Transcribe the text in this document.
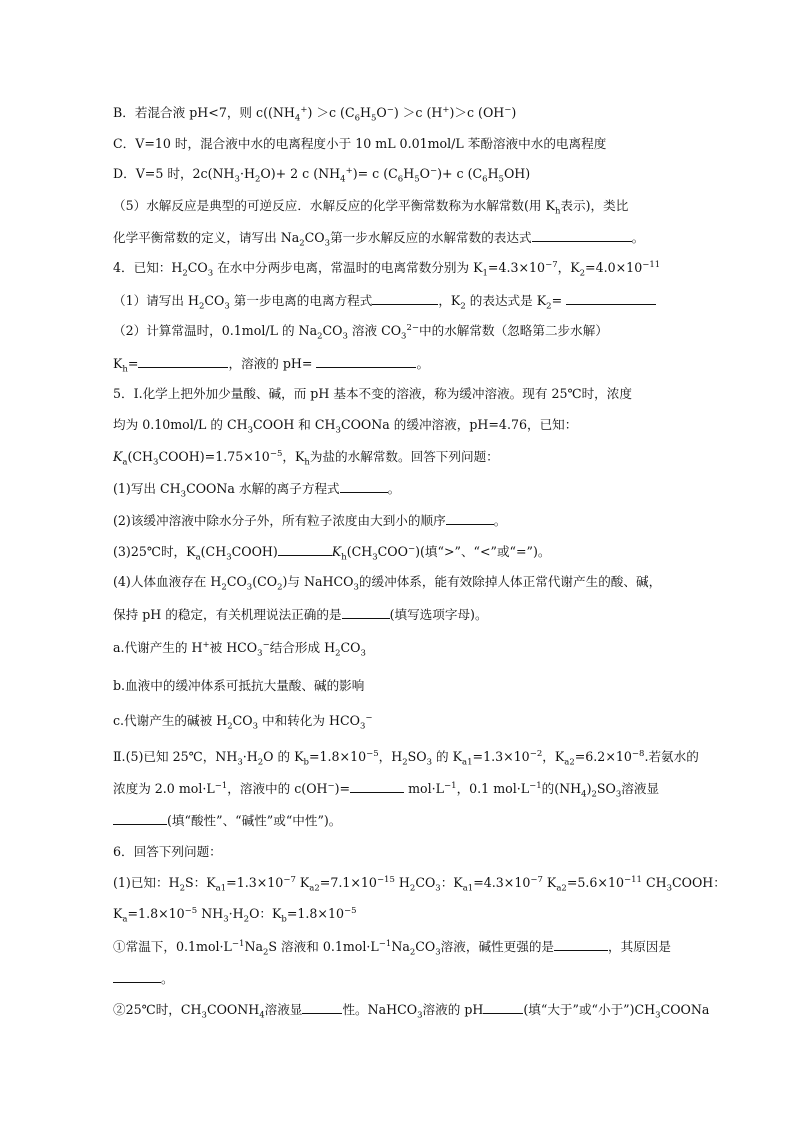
B．若混合液 pH<7，则 $c((NH_4^+) >c$ $(C_6H_5O^-) >c$ (H+)＞c (OH−)
C．V=10 时，混合液中水的电离程度小于 10 mL 0.01mol/L 苯酚溶液中水的电离程度
D．V=5 时，$2c(NH_3\cdot H_2O)+ 2$ c $(NH_4^+)= c$ $(C_6H_5O^-)+ c$ $(C_6H_5OH)$
（5）水解反应是典型的可逆反应．水解反应的化学平衡常数称为水解常数(用 $K_h$表示)，类比
化学平衡常数的定义，请写出 $Na_2CO_3$第一步水解反应的水解常数的表达式	。
4．已知：$H_2CO_3$ 在水中分两步电离，常温时的电离常数分别为 $K_1=4.3\times 10^{-7}$，$K_2=4.0\times 10^{-11}$
（1）请写出 $H_2CO_3$ 第一步电离的电离方程式	，$K_2$ 的表达式是 $K_2=$
（2）计算常温时，0.1mol/L 的 $Na_2CO_3$ 溶液 $CO_3^{2-}$中的水解常数（忽略第二步水解）
$K_h=$	，溶液的 pH=	。
5．Ⅰ.化学上把外加少量酸、碱，而 pH 基本不变的溶液，称为缓冲溶液。现有 25℃时，浓度
均为 0.10mol/L 的 $CH_3COOH$ 和 $CH_3COONa$ 的缓冲溶液，pH=4.76，已知：
$K_a(CH_3COOH)=1.75\times 10^{-5}$，$K_h$为盐的水解常数。回答下列问题：
(1)写出 $CH_3COONa$ 水解的离子方程式	。
(2)该缓冲溶液中除水分子外，所有粒子浓度由大到小的顺序	。
(3)25℃时，$K_a(CH_3COOH)$	$K_h(CH_3COO^-)$(填“>”、“<”或“=”)。
(4)人体血液存在 $H_2CO_3(CO_2)$与 NaHCO$_3$的缓冲体系，能有效除掉人体正常代谢产生的酸、碱，
保持 pH 的稳定，有关机理说法正确的是	(填写选项字母)。
a.代谢产生的 H+被 $HCO_3^-$结合形成 $H_2CO_3$
b.血液中的缓冲体系可抵抗大量酸、碱的影响
c.代谢产生的碱被 $H_2CO_3$ 中和转化为 $HCO_3^-$
Ⅱ.(5)已知 25℃，$NH_3\cdot H_2O$ 的 $K_b=1.8\times 10^{-5}$，$H_2SO_3$ 的 $K_{a1}=1.3\times 10^{-2}$，$K_{a2}=6.2\times 10^{-8}$.若氨水的
浓度为 2.0 $mol\cdot L^{-1}$，溶液中的 c(OH−)=	$mol\cdot L^{-1}$，0.1 $mol\cdot L^{-1}$的$(NH_4)_2SO_3$溶液显
(填“酸性”、“碱性”或“中性”)。
6．回答下列问题：
(1)已知：$H_2S$：$K_{a1}=1.3\times 10^{-7}$ $K_{a2}=7.1\times 10^{-15}$ $H_2CO_3$：$K_{a1}=4.3\times 10^{-7}$ $K_{a2}=5.6\times 10^{-11}$ $CH_3COOH$：
$K_a=1.8\times 10^{-5}$ $NH_3\cdot H_2O$：$K_b=1.8\times 10^{-5}$
①常温下，$0.1mol\cdot L^{-1}Na_2S$ 溶液和 $0.1mol\cdot L^{-1}Na_2CO_3$溶液，碱性更强的是	，其原因是
。
②25℃时，$CH_3COONH_4$溶液显	性。NaHCO$_3$溶液的 pH	(填“大于”或“小于$”)CH_3COONa$
